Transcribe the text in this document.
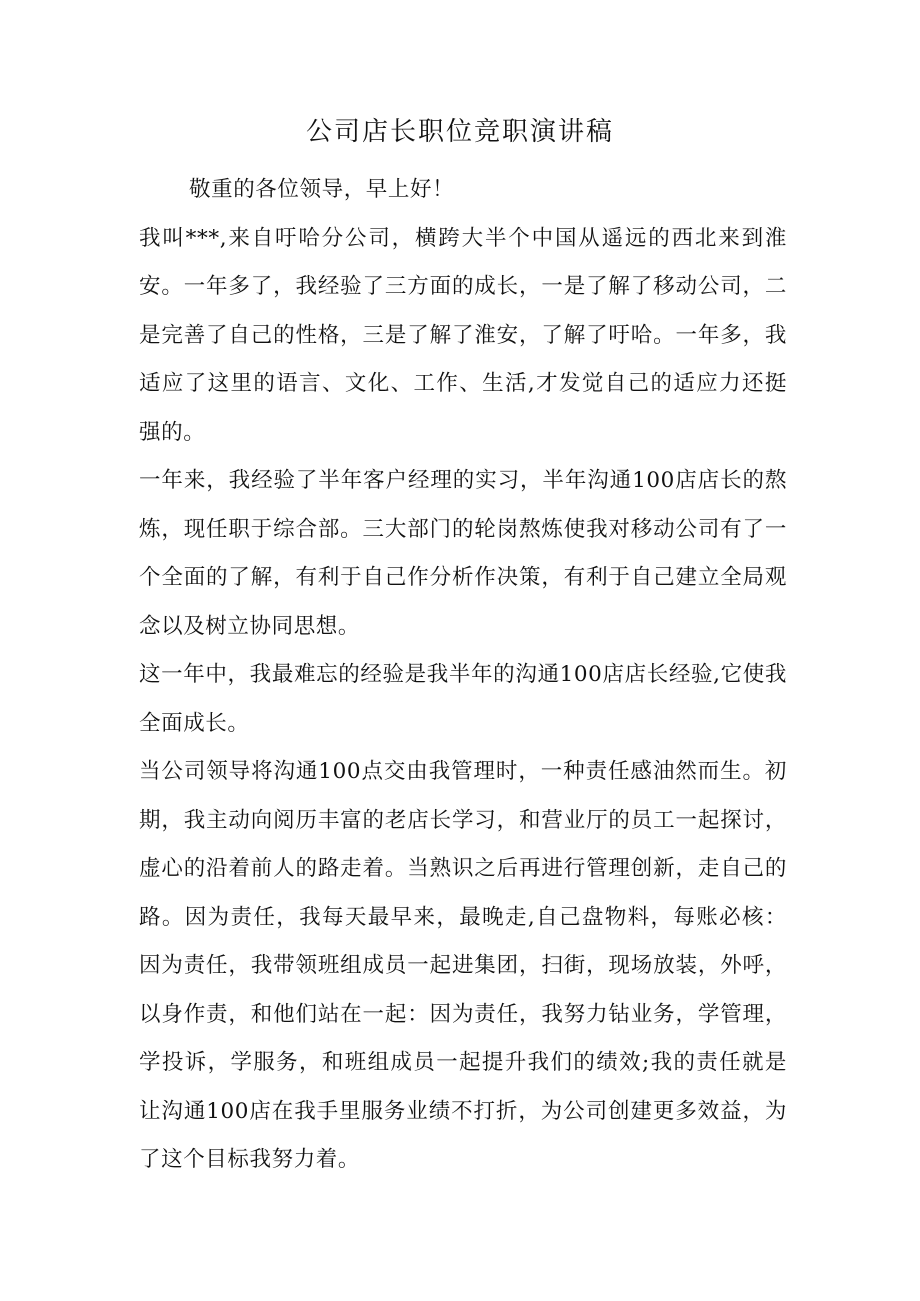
公司店长职位竞职演讲稿

敬重的各位领导，早上好！

我叫***,来自吁哈分公司，横跨大半个中国从遥远的西北来到淮安。一年多了，我经验了三方面的成长，一是了解了移动公司，二是完善了自己的性格，三是了解了淮安，了解了吁哈。一年多，我适应了这里的语言、文化、工作、生活,才发觉自己的适应力还挺强的。

一年来，我经验了半年客户经理的实习，半年沟通100店店长的熬炼，现任职于综合部。三大部门的轮岗熬炼使我对移动公司有了一个全面的了解，有利于自己作分析作决策，有利于自己建立全局观念以及树立协同思想。

这一年中，我最难忘的经验是我半年的沟通100店店长经验,它使我全面成长。

当公司领导将沟通100点交由我管理时，一种责任感油然而生。初期，我主动向阅历丰富的老店长学习，和营业厅的员工一起探讨，虚心的沿着前人的路走着。当熟识之后再进行管理创新，走自己的路。因为责任，我每天最早来，最晚走,自己盘物料，每账必核：因为责任，我带领班组成员一起进集团，扫街，现场放装，外呼，以身作责，和他们站在一起：因为责任，我努力钻业务，学管理，学投诉，学服务，和班组成员一起提升我们的绩效;我的责任就是让沟通100店在我手里服务业绩不打折，为公司创建更多效益，为了这个目标我努力着。
